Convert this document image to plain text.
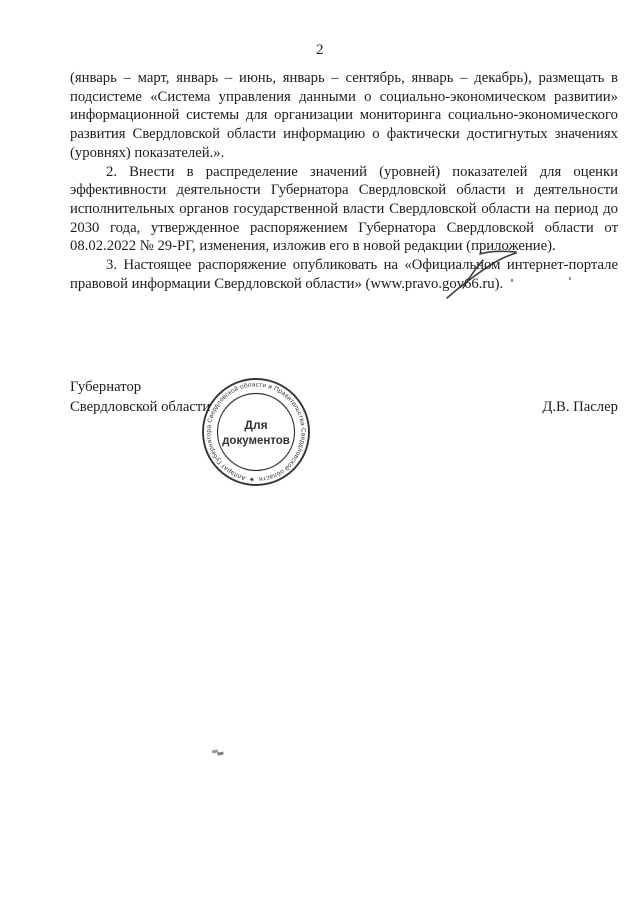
2

(январь – март, январь – июнь, январь – сентябрь, январь – декабрь), размещать в подсистеме «Система управления данными о социально-экономическом развитии» информационной системы для организации мониторинга социально-экономического развития Свердловской области информацию о фактически достигнутых значениях (уровнях) показателей.».

2. Внести в распределение значений (уровней) показателей для оценки эффективности деятельности Губернатора Свердловской области и деятельности исполнительных органов государственной власти Свердловской области на период до 2030 года, утвержденное распоряжением Губернатора Свердловской области от 08.02.2022 № 29-РГ, изменения, изложив его в новой редакции (приложение).

3. Настоящее распоряжение опубликовать на «Официальном интернет-портале правовой информации Свердловской области» (www.pravo.gov66.ru).

Губернатор
Свердловской области	Д.В. Паслер
★
Аппарат Губернатора Свердловской области и Правительства Свердловской области
Для
документов
